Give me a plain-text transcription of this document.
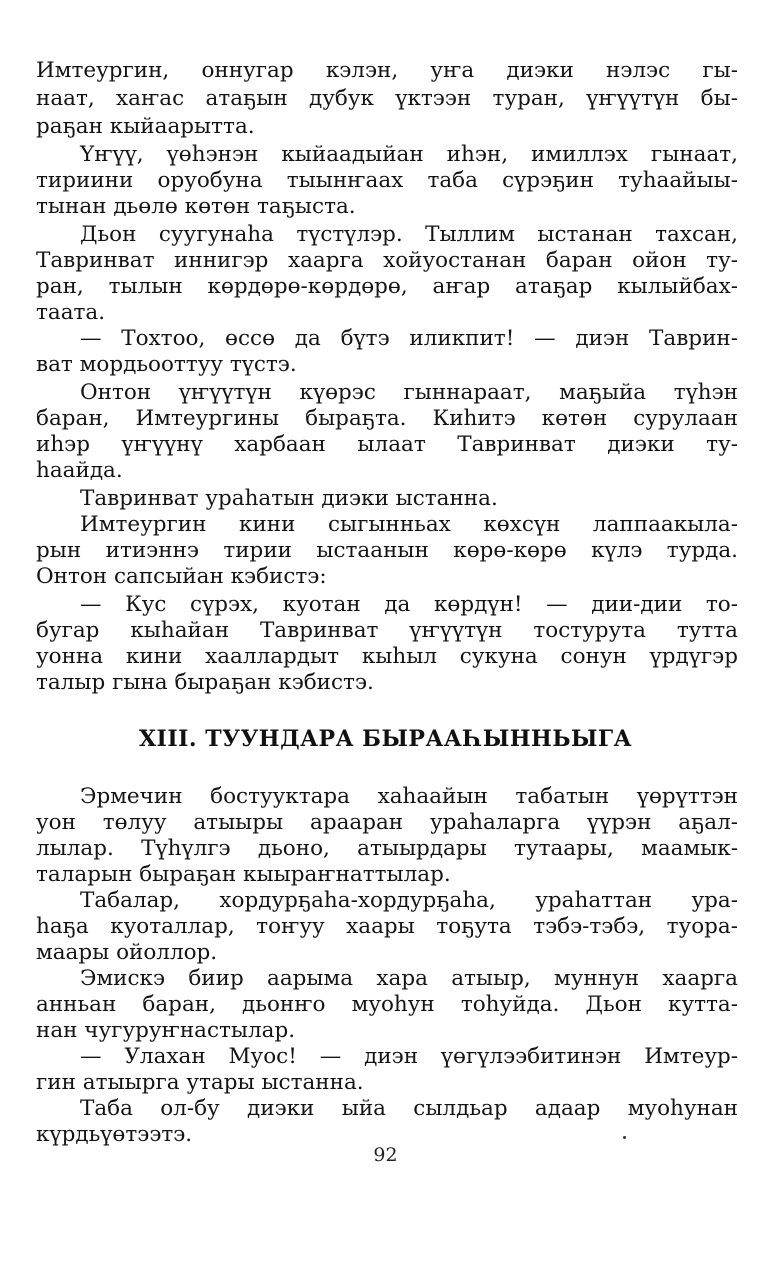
Имтеургин, оннугар кэлэн, уҥа диэки нэлэс гы-
наат, хаҥас атаҕын дубук үктээн туран, үҥүүтүн бы-
раҕан кыйаарытта.
Үҥүү, үөһэнэн кыйаадыйан иһэн, имиллэх гынаат,
тириини оруобуна тыынҥаах таба сүрэҕин туһаайыы-
тынан дьөлө көтөн таҕыста.
Дьон суугунаһа түстүлэр. Тыллим ыстанан тахсан,
Тавринват иннигэр хаарга хойуостанан баран ойон ту-
ран, тылын көрдөрө-көрдөрө, аҥар атаҕар кылыйбах-
таата.
— Тохтоо, өссө да бүтэ иликпит! — диэн Таврин-
ват мордьооттуу түстэ.
Онтон үҥүүтүн күөрэс гыннараат, маҕыйа түһэн
баран, Имтеургины быраҕта. Киһитэ көтөн сурулаан
иһэр үҥүүнү харбаан ылаат Тавринват диэки ту-
һаайда.
Тавринват ураһатын диэки ыстанна.
Имтеургин кини сыгынньах көхсүн лаппаакыла-
рын итиэннэ тирии ыстаанын көрө-көрө күлэ турда.
Онтон сапсыйан кэбистэ:
— Кус сүрэх, куотан да көрдүн! — дии-дии то-
бугар кыһайан Тавринват үҥүүтүн тостурута тутта
уонна кини хааллардыт кыһыл сукуна сонун үрдүгэр
талыр гына быраҕан кэбистэ.
XIII. ТУУНДАРА БЫРААҺЫННЬЫГА
Эрмечин бостууктара хаһаайын табатын үөрүттэн
уон төлуу атыыры арааран ураһаларга үүрэн аҕал-
лылар. Түһүлгэ дьоно, атыырдары тутаары, маамык-
таларын быраҕан кыыраҥнаттылар.
Табалар, хордурҕаһа-хордурҕаһа, ураһаттан ура-
һаҕа куоталлар, тоҥуу хаары тоҕута тэбэ-тэбэ, туора-
маары ойоллор.
Эмискэ биир аарыма хара атыыр, муннун хаарга
анньан баран, дьонҥо муоһун тоһуйда. Дьон кутта-
нан чугуруҥнастылар.
— Улахан Муос! — диэн үөгүлээбитинэн Имтеур-
гин атыырга утары ыстанна.
Таба ол-бу диэки ыйа сылдьар адаар муоһунан
күрдьүөтээтэ.
92
